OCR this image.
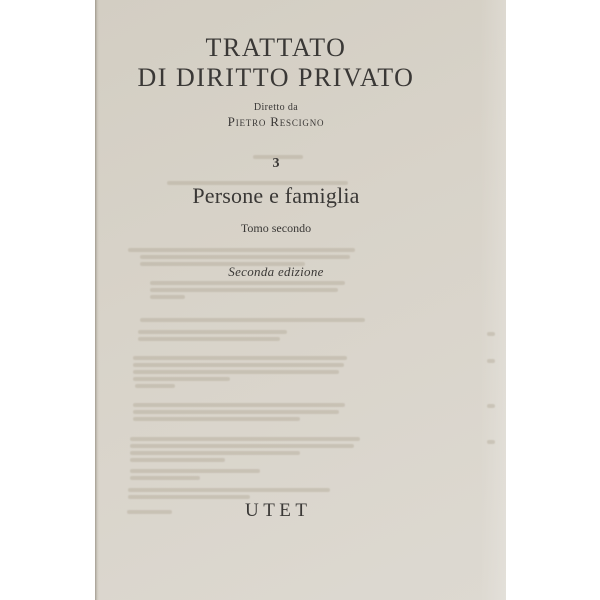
TRATTATO
DI DIRITTO PRIVATO
Diretto da
Pietro Rescigno
3
Persone e famiglia
Tomo secondo
Seconda edizione
UTET
